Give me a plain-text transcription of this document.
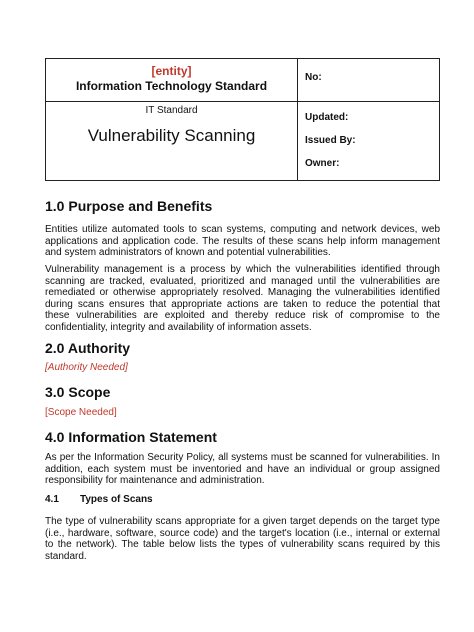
[entity]
Information Technology Standard
IT Standard
Vulnerability Scanning
No:
Updated:
Issued By:
Owner:
1.0 Purpose and Benefits
Entities utilize automated tools to scan systems, computing and network devices, web applications and application code. The results of these scans help inform management and system administrators of known and potential vulnerabilities.
Vulnerability management is a process by which the vulnerabilities identified through scanning are tracked, evaluated, prioritized and managed until the vulnerabilities are remediated or otherwise appropriately resolved. Managing the vulnerabilities identified during scans ensures that appropriate actions are taken to reduce the potential that these vulnerabilities are exploited and thereby reduce risk of compromise to the confidentiality, integrity and availability of information assets.
2.0 Authority
[Authority Needed]
3.0 Scope
[Scope Needed]
4.0 Information Statement
As per the Information Security Policy, all systems must be scanned for vulnerabilities. In addition, each system must be inventoried and have an individual or group assigned responsibility for maintenance and administration.
4.1 Types of Scans
The type of vulnerability scans appropriate for a given target depends on the target type (i.e., hardware, software, source code) and the target's location (i.e., internal or external to the network). The table below lists the types of vulnerability scans required by this standard.
